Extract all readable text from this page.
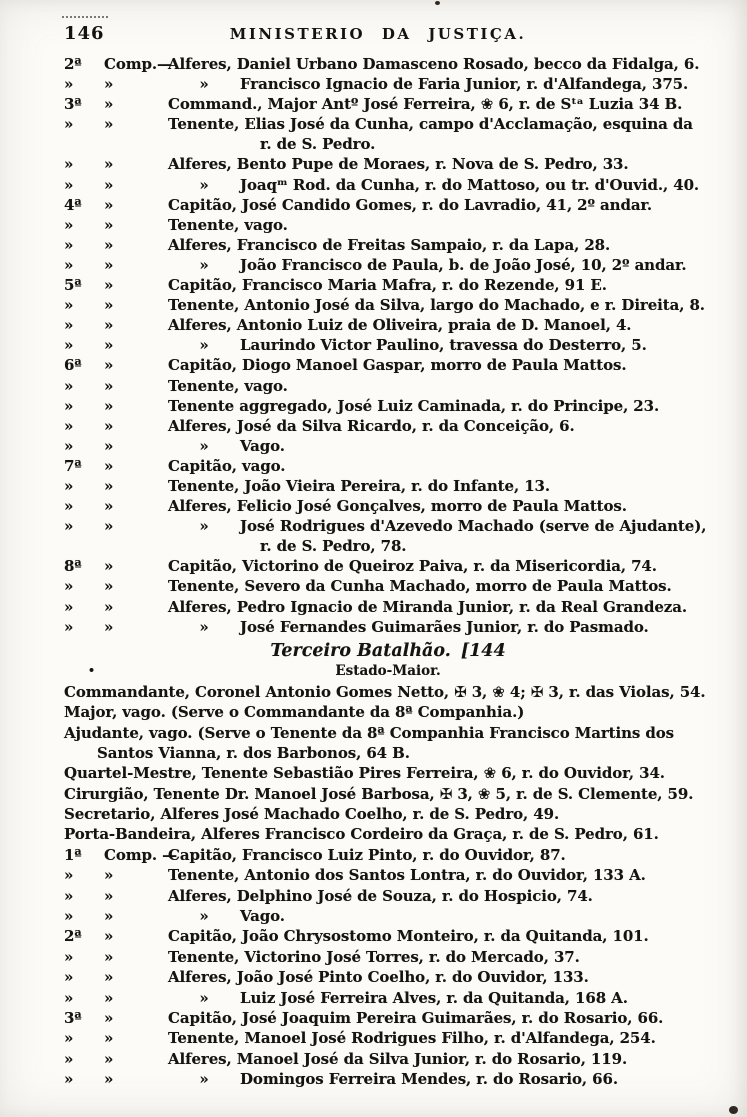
146	MINISTERIO DA JUSTIÇA.
2ª Comp.—Alferes, Daniel Urbano Damasceno Rosado, becco da Fidalga, 6.
» »	» Francisco Ignacio de Faria Junior, r. d'Alfandega, 375.
3ª »	Command., Major Antº José Ferreira, ❀ 6, r. de Sᵗᵃ Luzia 34 B.
» »	Tenente, Elias José da Cunha, campo d'Acclamação, esquina da
r. de S. Pedro.
» »	Alferes, Bento Pupe de Moraes, r. Nova de S. Pedro, 33.
» »	» Joaqᵐ Rod. da Cunha, r. do Mattoso, ou tr. d'Ouvid., 40.
4ª »	Capitão, José Candido Gomes, r. do Lavradio, 41, 2º andar.
» »	Tenente, vago.
» »	Alferes, Francisco de Freitas Sampaio, r. da Lapa, 28.
» »	» João Francisco de Paula, b. de João José, 10, 2º andar.
5ª »	Capitão, Francisco Maria Mafra, r. do Rezende, 91 E.
» »	Tenente, Antonio José da Silva, largo do Machado, e r. Direita, 8.
» »	Alferes, Antonio Luiz de Oliveira, praia de D. Manoel, 4.
» »	» Laurindo Victor Paulino, travessa do Desterro, 5.
6ª »	Capitão, Diogo Manoel Gaspar, morro de Paula Mattos.
» »	Tenente, vago.
» »	Tenente aggregado, José Luiz Caminada, r. do Principe, 23.
» »	Alferes, José da Silva Ricardo, r. da Conceição, 6.
» »	» Vago.
7ª »	Capitão, vago.
» »	Tenente, João Vieira Pereira, r. do Infante, 13.
» »	Alferes, Felicio José Gonçalves, morro de Paula Mattos.
» »	» José Rodrigues d'Azevedo Machado (serve de Ajudante),
r. de S. Pedro, 78.
8ª »	Capitão, Victorino de Queiroz Paiva, r. da Misericordia, 74.
» »	Tenente, Severo da Cunha Machado, morro de Paula Mattos.
» »	Alferes, Pedro Ignacio de Miranda Junior, r. da Real Grandeza.
» »	» José Fernandes Guimarães Junior, r. do Pasmado.
Terceiro Batalhão. [144
•	Estado-Maior.
Commandante, Coronel Antonio Gomes Netto, ✠ 3, ❀ 4; ✠ 3, r. das Violas, 54.
Major, vago. (Serve o Commandante da 8ª Companhia.)
Ajudante, vago. (Serve o Tenente da 8ª Companhia Francisco Martins dos
Santos Vianna, r. dos Barbonos, 64 B.
Quartel-Mestre, Tenente Sebastião Pires Ferreira, ❀ 6, r. do Ouvidor, 34.
Cirurgião, Tenente Dr. Manoel José Barbosa, ✠ 3, ❀ 5, r. de S. Clemente, 59.
Secretario, Alferes José Machado Coelho, r. de S. Pedro, 49.
Porta-Bandeira, Alferes Francisco Cordeiro da Graça, r. de S. Pedro, 61.
1ª Comp. —Capitão, Francisco Luiz Pinto, r. do Ouvidor, 87.
» »	Tenente, Antonio dos Santos Lontra, r. do Ouvidor, 133 A.
» »	Alferes, Delphino José de Souza, r. do Hospicio, 74.
» »	» Vago.
2ª »	Capitão, João Chrysostomo Monteiro, r. da Quitanda, 101.
» »	Tenente, Victorino José Torres, r. do Mercado, 37.
» »	Alferes, João José Pinto Coelho, r. do Ouvidor, 133.
» »	» Luiz José Ferreira Alves, r. da Quitanda, 168 A.
3ª »	Capitão, José Joaquim Pereira Guimarães, r. do Rosario, 66.
» »	Tenente, Manoel José Rodrigues Filho, r. d'Alfandega, 254.
» »	Alferes, Manoel José da Silva Junior, r. do Rosario, 119.
» »	» Domingos Ferreira Mendes, r. do Rosario, 66.
